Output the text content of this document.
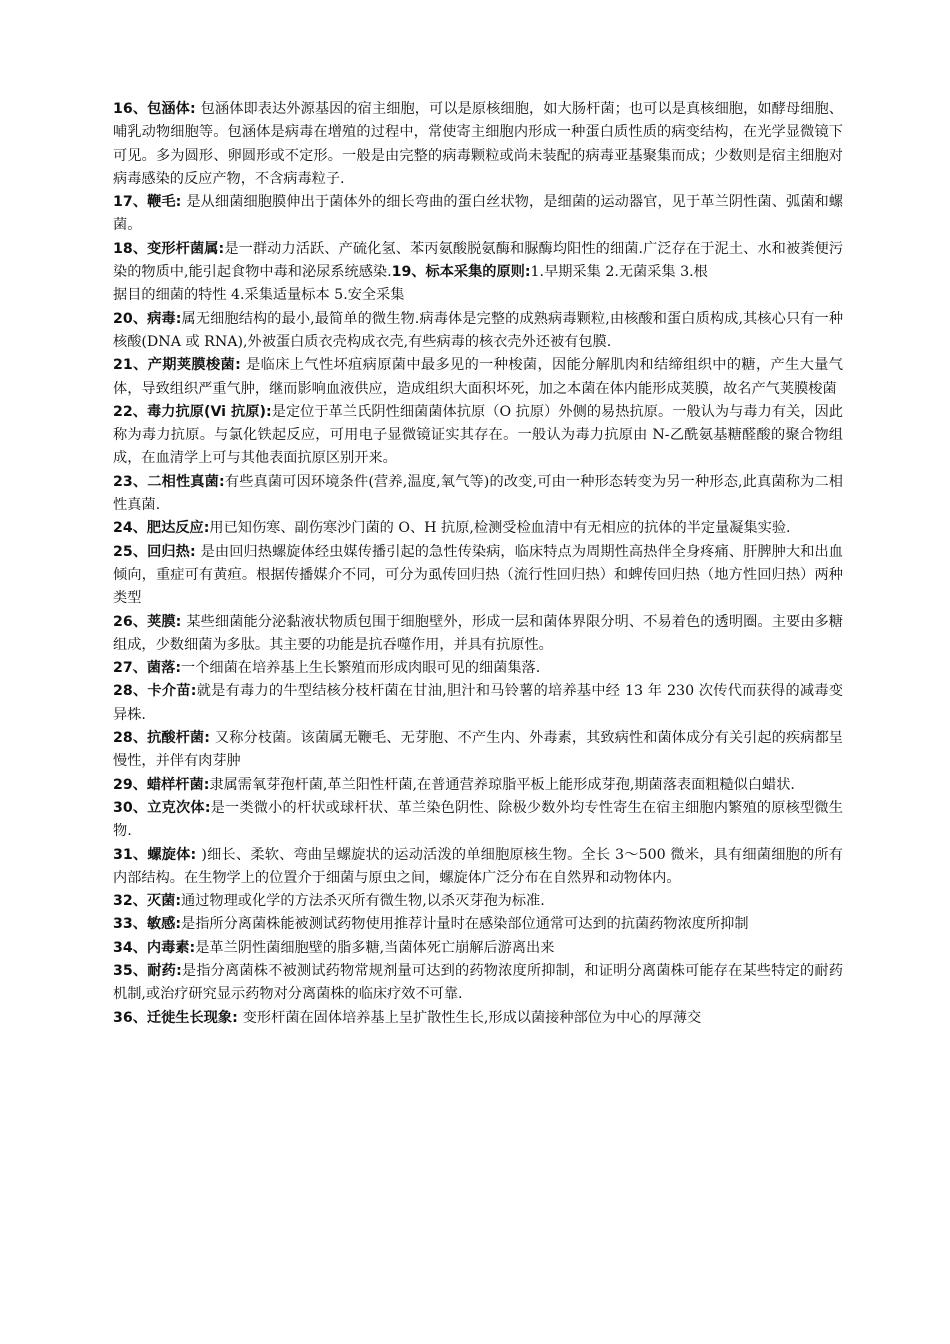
16、包涵体: 包涵体即表达外源基因的宿主细胞，可以是原核细胞，如大肠杆菌；也可以是真核细胞，如酵母细胞、哺乳动物细胞等。包涵体是病毒在增殖的过程中，常使寄主细胞内形成一种蛋白质性质的病变结构，在光学显微镜下可见。多为圆形、卵圆形或不定形。一般是由完整的病毒颗粒或尚未装配的病毒亚基聚集而成；少数则是宿主细胞对病毒感染的反应产物，不含病毒粒子.

17、鞭毛: 是从细菌细胞膜伸出于菌体外的细长弯曲的蛋白丝状物，是细菌的运动器官，见于革兰阴性菌、弧菌和螺菌。

18、变形杆菌属:是一群动力活跃、产硫化氢、苯丙氨酸脱氨酶和脲酶均阳性的细菌.广泛存在于泥土、水和被粪便污染的物质中,能引起食物中毒和泌尿系统感染.19、标本采集的原则:1.早期采集 2.无菌采集 3.根

据目的细菌的特性 4.采集适量标本 5.安全采集

20、病毒:属无细胞结构的最小,最简单的微生物.病毒体是完整的成熟病毒颗粒,由核酸和蛋白质构成,其核心只有一种核酸(DNA 或 RNA),外被蛋白质衣壳构成衣壳,有些病毒的核衣壳外还被有包膜.

21、产期荚膜梭菌: 是临床上气性坏疽病原菌中最多见的一种梭菌，因能分解肌肉和结缔组织中的糖，产生大量气体，导致组织严重气肿，继而影响血液供应，造成组织大面积坏死，加之本菌在体内能形成荚膜，故名产气荚膜梭菌

22、毒力抗原(Vi 抗原):是定位于革兰氏阴性细菌菌体抗原（O 抗原）外侧的易热抗原。一般认为与毒力有关，因此称为毒力抗原。与氯化铁起反应，可用电子显微镜证实其存在。一般认为毒力抗原由 N-乙酰氨基糖醛酸的聚合物组成，在血清学上可与其他表面抗原区别开来。

23、二相性真菌:有些真菌可因环境条件(营养,温度,氧气等)的改变,可由一种形态转变为另一种形态,此真菌称为二相性真菌.

24、肥达反应:用已知伤寒、副伤寒沙门菌的 O、H 抗原,检测受检血清中有无相应的抗体的半定量凝集实验.

25、回归热: 是由回归热螺旋体经虫媒传播引起的急性传染病，临床特点为周期性高热伴全身疼痛、肝脾肿大和出血倾向，重症可有黄疸。根据传播媒介不同，可分为虱传回归热（流行性回归热）和蜱传回归热（地方性回归热）两种类型

26、荚膜: 某些细菌能分泌黏液状物质包围于细胞壁外，形成一层和菌体界限分明、不易着色的透明圈。主要由多糖组成，少数细菌为多肽。其主要的功能是抗吞噬作用，并具有抗原性。

27、菌落:一个细菌在培养基上生长繁殖而形成肉眼可见的细菌集落.

28、卡介苗:就是有毒力的牛型结核分枝杆菌在甘油,胆汁和马铃薯的培养基中经 13 年 230 次传代而获得的减毒变异株.

28、抗酸杆菌: 又称分枝菌。该菌属无鞭毛、无芽胞、不产生内、外毒素，其致病性和菌体成分有关引起的疾病都呈慢性，并伴有肉芽肿

29、蜡样杆菌:隶属需氧芽孢杆菌,革兰阳性杆菌,在普通营养琼脂平板上能形成芽孢,期菌落表面粗糙似白蜡状.

30、立克次体:是一类微小的杆状或球杆状、革兰染色阴性、除极少数外均专性寄生在宿主细胞内繁殖的原核型微生物.

31、螺旋体: )细长、柔软、弯曲呈螺旋状的运动活泼的单细胞原核生物。全长 3～500 微米，具有细菌细胞的所有内部结构。在生物学上的位置介于细菌与原虫之间，螺旋体广泛分布在自然界和动物体内。

32、灭菌:通过物理或化学的方法杀灭所有微生物,以杀灭芽孢为标准.

33、敏感:是指所分离菌株能被测试药物使用推荐计量时在感染部位通常可达到的抗菌药物浓度所抑制

34、内毒素:是革兰阴性菌细胞壁的脂多糖,当菌体死亡崩解后游离出来

35、耐药:是指分离菌株不被测试药物常规剂量可达到的药物浓度所抑制，和证明分离菌株可能存在某些特定的耐药机制,或治疗研究显示药物对分离菌株的临床疗效不可靠.

36、迁徙生长现象: 变形杆菌在固体培养基上呈扩散性生长,形成以菌接种部位为中心的厚薄交
